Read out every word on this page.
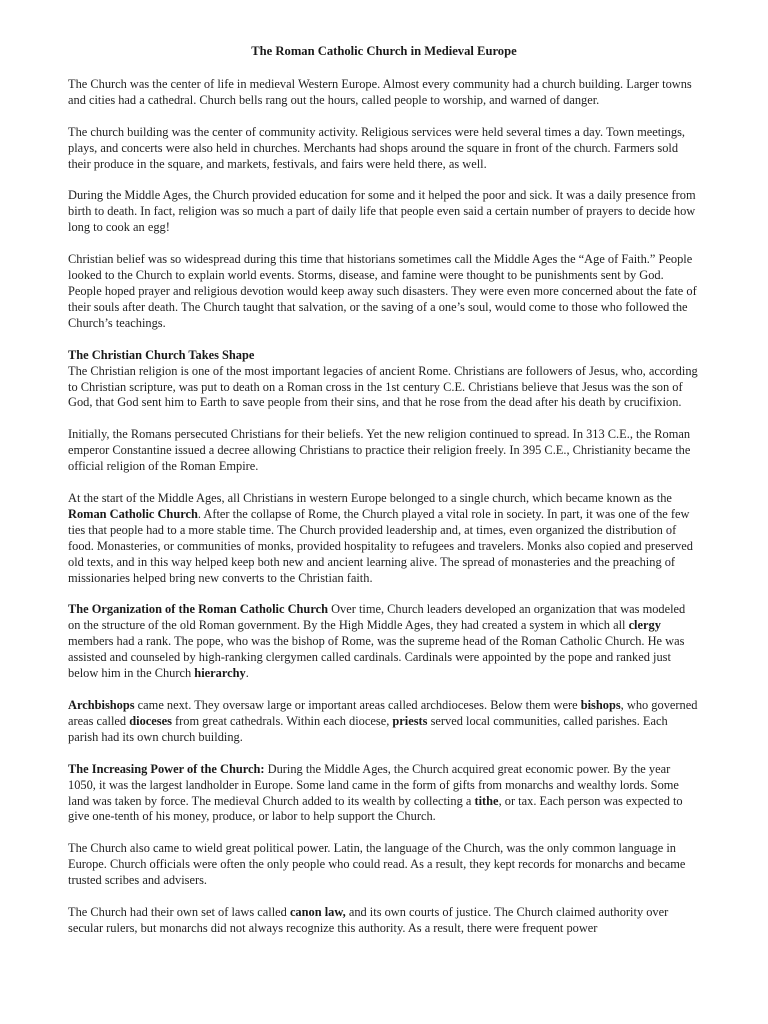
The Roman Catholic Church in Medieval Europe

The Church was the center of life in medieval Western Europe. Almost every community had a church building. Larger towns and cities had a cathedral. Church bells rang out the hours, called people to worship, and warned of danger.

The church building was the center of community activity. Religious services were held several times a day. Town meetings, plays, and concerts were also held in churches. Merchants had shops around the square in front of the church. Farmers sold their produce in the square, and markets, festivals, and fairs were held there, as well.

During the Middle Ages, the Church provided education for some and it helped the poor and sick. It was a daily presence from birth to death. In fact, religion was so much a part of daily life that people even said a certain number of prayers to decide how long to cook an egg!

Christian belief was so widespread during this time that historians sometimes call the Middle Ages the “Age of Faith.” People looked to the Church to explain world events. Storms, disease, and famine were thought to be punishments sent by God. People hoped prayer and religious devotion would keep away such disasters. They were even more concerned about the fate of their souls after death. The Church taught that salvation, or the saving of a one’s soul, would come to those who followed the Church’s teachings.

The Christian Church Takes Shape
The Christian religion is one of the most important legacies of ancient Rome. Christians are followers of Jesus, who, according to Christian scripture, was put to death on a Roman cross in the 1st century C.E. Christians believe that Jesus was the son of God, that God sent him to Earth to save people from their sins, and that he rose from the dead after his death by crucifixion.

Initially, the Romans persecuted Christians for their beliefs. Yet the new religion continued to spread. In 313 C.E., the Roman emperor Constantine issued a decree allowing Christians to practice their religion freely. In 395 C.E., Christianity became the official religion of the Roman Empire.

At the start of the Middle Ages, all Christians in western Europe belonged to a single church, which became known as the Roman Catholic Church. After the collapse of Rome, the Church played a vital role in society. In part, it was one of the few ties that people had to a more stable time. The Church provided leadership and, at times, even organized the distribution of food. Monasteries, or communities of monks, provided hospitality to refugees and travelers. Monks also copied and preserved old texts, and in this way helped keep both new and ancient learning alive. The spread of monasteries and the preaching of missionaries helped bring new converts to the Christian faith.

The Organization of the Roman Catholic Church Over time, Church leaders developed an organization that was modeled on the structure of the old Roman government. By the High Middle Ages, they had created a system in which all clergy members had a rank. The pope, who was the bishop of Rome, was the supreme head of the Roman Catholic Church. He was assisted and counseled by high-ranking clergymen called cardinals. Cardinals were appointed by the pope and ranked just below him in the Church hierarchy.

Archbishops came next. They oversaw large or important areas called archdioceses. Below them were bishops, who governed areas called dioceses from great cathedrals. Within each diocese, priests served local communities, called parishes. Each parish had its own church building.

The Increasing Power of the Church: During the Middle Ages, the Church acquired great economic power. By the year 1050, it was the largest landholder in Europe. Some land came in the form of gifts from monarchs and wealthy lords. Some land was taken by force. The medieval Church added to its wealth by collecting a tithe, or tax. Each person was expected to give one-tenth of his money, produce, or labor to help support the Church.

The Church also came to wield great political power. Latin, the language of the Church, was the only common language in Europe. Church officials were often the only people who could read. As a result, they kept records for monarchs and became trusted scribes and advisers.

The Church had their own set of laws called canon law, and its own courts of justice. The Church claimed authority over secular rulers, but monarchs did not always recognize this authority. As a result, there were frequent power
